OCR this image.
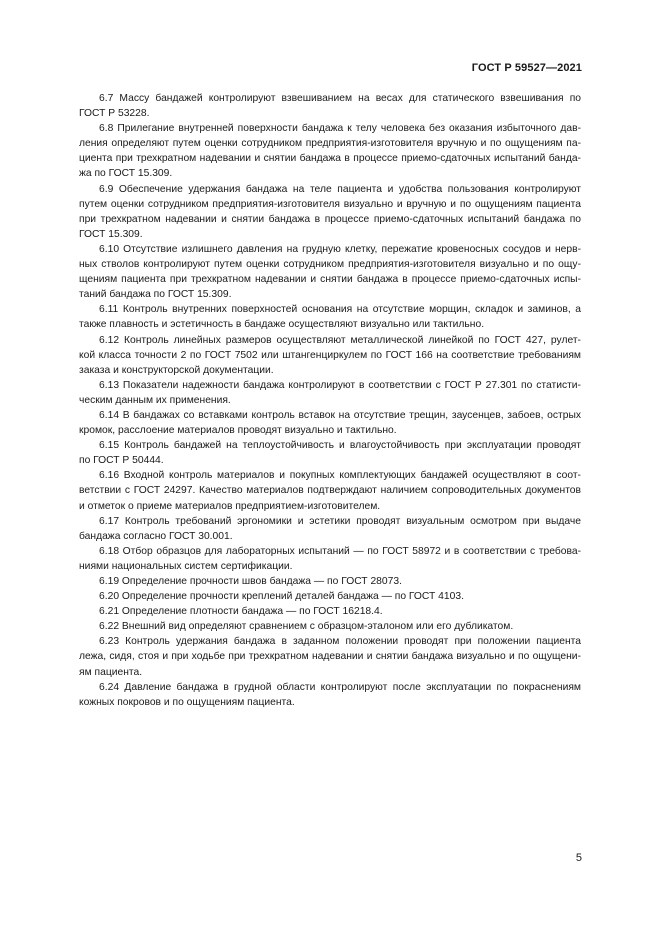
ГОСТ Р 59527—2021

6.7 Массу бандажей контролируют взвешиванием на весах для статического взвешивания по
ГОСТ Р 53228.

6.8 Прилегание внутренней поверхности бандажа к телу человека без оказания избыточного дав-
ления определяют путем оценки сотрудником предприятия-изготовителя вручную и по ощущениям па-
циента при трехкратном надевании и снятии бандажа в процессе приемо-сдаточных испытаний банда-
жа по ГОСТ 15.309.

6.9 Обеспечение удержания бандажа на теле пациента и удобства пользования контролируют
путем оценки сотрудником предприятия-изготовителя визуально и вручную и по ощущениям пациента
при трехкратном надевании и снятии бандажа в процессе приемо-сдаточных испытаний бандажа по
ГОСТ 15.309.

6.10 Отсутствие излишнего давления на грудную клетку, пережатие кровеносных сосудов и нерв-
ных стволов контролируют путем оценки сотрудником предприятия-изготовителя визуально и по ощу-
щениям пациента при трехкратном надевании и снятии бандажа в процессе приемо-сдаточных испы-
таний бандажа по ГОСТ 15.309.

6.11 Контроль внутренних поверхностей основания на отсутствие морщин, складок и заминов, а
также плавность и эстетичность в бандаже осуществляют визуально или тактильно.

6.12 Контроль линейных размеров осуществляют металлической линейкой по ГОСТ 427, рулет-
кой класса точности 2 по ГОСТ 7502 или штангенциркулем по ГОСТ 166 на соответствие требованиям
заказа и конструкторской документации.

6.13 Показатели надежности бандажа контролируют в соответствии с ГОСТ Р 27.301 по статисти-
ческим данным их применения.

6.14 В бандажах со вставками контроль вставок на отсутствие трещин, заусенцев, забоев, острых
кромок, расслоение материалов проводят визуально и тактильно.

6.15 Контроль бандажей на теплоустойчивость и влагоустойчивость при эксплуатации проводят
по ГОСТ Р 50444.

6.16 Входной контроль материалов и покупных комплектующих бандажей осуществляют в соот-
ветствии с ГОСТ 24297. Качество материалов подтверждают наличием сопроводительных документов
и отметок о приеме материалов предприятием-изготовителем.

6.17 Контроль требований эргономики и эстетики проводят визуальным осмотром при выдаче
бандажа согласно ГОСТ 30.001.

6.18 Отбор образцов для лабораторных испытаний — по ГОСТ 58972 и в соответствии с требова-
ниями национальных систем сертификации.

6.19 Определение прочности швов бандажа — по ГОСТ 28073.

6.20 Определение прочности креплений деталей бандажа — по ГОСТ 4103.

6.21 Определение плотности бандажа — по ГОСТ 16218.4.

6.22 Внешний вид определяют сравнением с образцом-эталоном или его дубликатом.

6.23 Контроль удержания бандажа в заданном положении проводят при положении пациента
лежа, сидя, стоя и при ходьбе при трехкратном надевании и снятии бандажа визуально и по ощущени-
ям пациента.

6.24 Давление бандажа в грудной области контролируют после эксплуатации по покраснениям
кожных покровов и по ощущениям пациента.

5
